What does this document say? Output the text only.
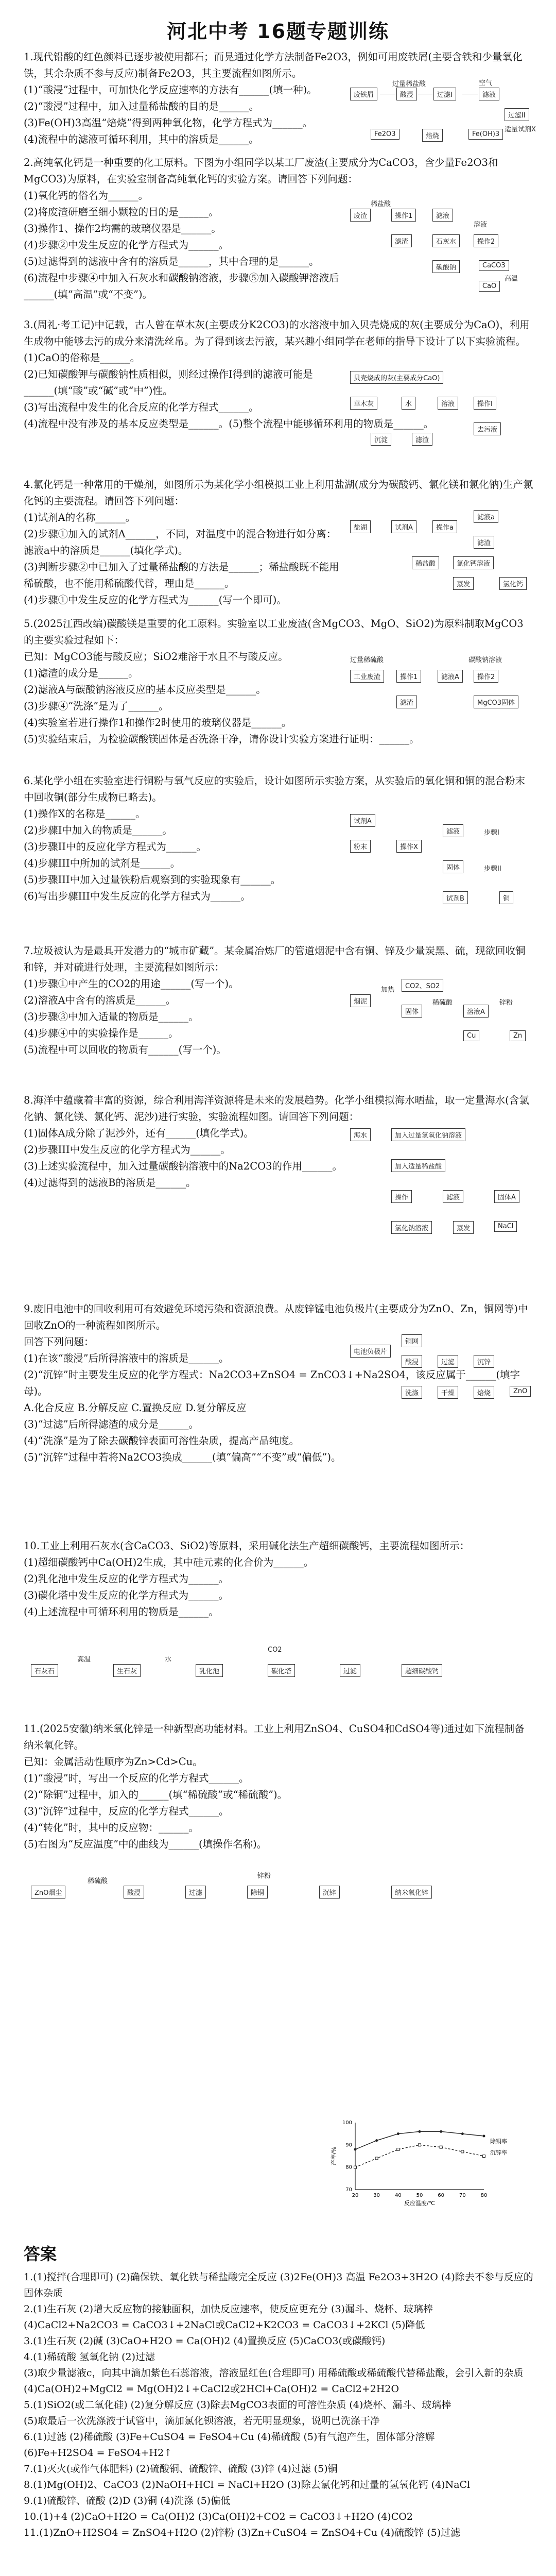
河北中考 16题专题训练

1.现代铅酸的红色颜料已逐步被使用都石；而晃通过化学方法制备Fe2O3，例如可用废铁屑(主要含铁和少量氧化铁，其余杂质不参与反应)制备Fe2O3，其主要流程如图所示。

(1)“酸浸”过程中，可加快化学反应速率的方法有______(填一种)。

(2)“酸浸”过程中，加入过量稀盐酸的目的是______。

(3)Fe(OH)3高温“焙烧”得到两种氧化物，化学方程式为______。

(4)流程中的滤液可循环利用，其中的溶质是______。

废铁屑	酸浸	过滤I	滤液
空气
过滤II
Fe(OH)3
焙烧
Fe2O3
过量稀盐酸
适量试剂X

2.高纯氧化钙是一种重要的化工原料。下图为小组同学以某工厂废渣(主要成分为CaCO3，含少量Fe2O3和MgCO3)为原料，在实验室制备高纯氧化钙的实验方案。请回答下列问题：

(1)氧化钙的俗名为______。

(2)将废渣研磨至细小颗粒的目的是______。

(3)操作1、操作2均需的玻璃仪器是______。

(4)步骤②中发生反应的化学方程式为______。

(5)过滤得到的滤液中含有的溶质是______，其中合理的是______。

(6)流程中步骤④中加入石灰水和碳酸钠溶液，步骤⑤加入碳酸钾溶液后______(填“高温”或“不变”)。

废渣	操作1	滤液
滤渣	石灰水	操作2
碳酸钠	CaCO3
CaO
稀盐酸
高温
溶液

3.(周礼·考工记)中记载，古人曾在草木灰(主要成分K2CO3)的水溶液中加入贝壳烧成的灰(主要成分为CaO)，利用生成物中能够去污的成分来清洗丝帛。为了得到该去污液，某兴趣小组同学在老师的指导下设计了以下实验流程。

(1)CaO的俗称是______。

(2)已知碳酸钾与碳酸钠性质相似，则经过操作I得到的滤液可能是______(填“酸”或“碱”或“中”)性。

(3)写出流程中发生的化合反应的化学方程式______。

(4)流程中没有涉及的基本反应类型是______。(5)整个流程中能够循环利用的物质是______。

贝壳烧成的灰(主要成分CaO)
草木灰	水	溶液	操作I
去污液
滤渣
沉淀

4.氯化钙是一种常用的干燥剂，如图所示为某化学小组模拟工业上利用盐湖(成分为碳酸钙、氯化镁和氯化钠)生产氯化钙的主要流程。请回答下列问题：

(1)试剂A的名称______。

(2)步骤①加入的试剂A______，不同，对温度中的混合物进行如分离：滤液a中的溶质是______(填化学式)。

(3)判断步骤②中已加入了过量稀盐酸的方法是______；稀盐酸既不能用稀硫酸，也不能用稀硫酸代替，理由是______。

(4)步骤①中发生反应的化学方程式为______(写一个即可)。

盐湖	试剂A	操作a
滤液a
滤渣
稀盐酸	氯化钙溶液
蒸发	氯化钙

5.(2025江西改编)碳酸镁是重要的化工原料。实验室以工业废渣(含MgCO3、MgO、SiO2)为原料制取MgCO3的主要实验过程如下：

已知：MgCO3能与酸反应；SiO2难溶于水且不与酸反应。

(1)滤渣的成分是______。

(2)滤液A与碳酸钠溶液反应的基本反应类型是______。

(3)步骤④“洗涤”是为了______。

(4)实验室若进行操作1和操作2时使用的玻璃仪器是______。

(5)实验结束后，为检验碳酸镁固体是否洗涤干净，请你设计实验方案进行证明：______。

工业废渣
过量稀硫酸
操作1	滤液A
滤渣
碳酸钠溶液
操作2
MgCO3固体

6.某化学小组在实验室进行铜粉与氧气反应的实验后，设计如图所示实验方案，从实验后的氧化铜和铜的混合粉末中回收铜(部分生成物已略去)。

(1)操作X的名称是______。

(2)步骤I中加入的物质是______。

(3)步骤II中的反应化学方程式为______。

(4)步骤III中所加的试剂是______。

(5)步骤III中加入过量铁粉后观察到的实验现象有______。

(6)写出步骤III中发生反应的化学方程式为______。

试剂A
粉末	操作X
滤液
固体
步骤I
步骤II
试剂B	铜

7.垃圾被认为是最具开发潜力的“城市矿藏”。某金属冶炼厂的管道烟泥中含有铜、锌及少量炭黑、硫，现欲回收铜和锌，并对硫进行处理，主要流程如图所示：

(1)步骤①中产生的CO2的用途______(写一个)。

(2)溶液A中含有的溶质是______。

(3)步骤③中加入适量的物质是______。

(4)步骤④中的实验操作是______。

(5)流程中可以回收的物质有______(写一个)。

烟泥
加热	CO2、SO2
固体
稀硫酸
溶液A
锌粉
Cu	Zn

8.海洋中蕴藏着丰富的资源，综合利用海洋资源将是未来的发展趋势。化学小组模拟海水晒盐，取一定量海水(含氯化钠、氯化镁、氯化钙、泥沙)进行实验，实验流程如图。请回答下列问题：

(1)固体A成分除了泥沙外，还有______(填化学式)。

(2)步骤III中发生反应的化学方程式为______。

(3)上述实验流程中，加入过量碳酸钠溶液中的Na2CO3的作用______。

(4)过滤得到的滤液B的溶质是______。

海水	加入过量氢氧化钠溶液
加入适量稀盐酸
操作	滤液	固体A
氯化钠溶液	蒸发	NaCl

9.废旧电池中的回收利用可有效避免环境污染和资源浪费。从废锌锰电池负极片(主要成分为ZnO、Zn，铜网等)中回收ZnO的一种流程如图所示。

回答下列问题：

(1)在该“酸浸”后所得溶液中的溶质是______。

(2)“沉锌”时主要发生反应的化学方程式：Na2CO3+ZnSO4 = ZnCO3↓+Na2SO4，该反应属于______(填字母)。

A.化合反应 B.分解反应 C.置换反应 D.复分解反应

(3)“过滤”后所得滤渣的成分是______。

(4)“洗涤”是为了除去碳酸锌表面可溶性杂质，提高产品纯度。

(5)“沉锌”过程中若将Na2CO3换成______(填“偏高”“不变”或“偏低”)。

电池负极片
铜网
酸浸	过滤	沉锌
洗涤	干燥	焙烧	ZnO

10.工业上利用石灰水(含CaCO3、SiO2)等原料，采用碱化法生产超细碳酸钙，主要流程如图所示：

(1)超细碳酸钙中Ca(OH)2生成，其中硅元素的化合价为______。

(2)乳化池中发生反应的化学方程式为______。

(3)碳化塔中发生反应的化学方程式为______。

(4)上述流程中可循环利用的物质是______。

石灰石
高温
生石灰
水
乳化池	碳化塔
CO2
过滤	超细碳酸钙

11.(2025安徽)纳米氧化锌是一种新型高功能材料。工业上利用ZnSO4、CuSO4和CdSO4等)通过如下流程制备纳米氧化锌。

已知：金属活动性顺序为Zn>Cd>Cu。

(1)“酸浸”时，写出一个反应的化学方程式______。

(2)“除铜”过程中，加入的______(填“稀硫酸”或“稀硫酸”)。

(3)“沉锌”过程中，反应的化学方程式______。

(4)“转化”时，其中的反应物：______。

(5)右图为“反应温度”中的曲线为______(填操作名称)。

ZnO烟尘
稀硫酸
酸浸	过滤	除铜
锌粉
沉锌	纳米氧化锌
20	30	40	50	60	70	80
70
80
90
100
反应温度/℃
产率/%
除铜率
沉锌率
答案

1.(1)搅拌(合理即可) (2)确保铁、氧化铁与稀盐酸完全反应 (3)2Fe(OH)3 高温 Fe2O3+3H2O (4)除去不参与反应的固体杂质

2.(1)生石灰 (2)增大反应物的接触面积，加快反应速率，使反应更充分 (3)漏斗、烧杯、玻璃棒

(4)CaCl2+Na2CO3 = CaCO3↓+2NaCl或CaCl2+K2CO3 = CaCO3↓+2KCl (5)降低

3.(1)生石灰 (2)碱 (3)CaO+H2O = Ca(OH)2 (4)置换反应 (5)CaCO3(或碳酸钙)

4.(1)稀硫酸 氢氧化钠 (2)过滤

(3)取少量滤液c，向其中滴加紫色石蕊溶液，溶液显红色(合理即可) 用稀硫酸或稀硫酸代替稀盐酸，会引入新的杂质

(4)Ca(OH)2+MgCl2 = Mg(OH)2↓+CaCl2或2HCl+Ca(OH)2 = CaCl2+2H2O

5.(1)SiO2(或二氧化硅) (2)复分解反应 (3)除去MgCO3表面的可溶性杂质 (4)烧杯、漏斗、玻璃棒

(5)取最后一次洗涤液于试管中，滴加氯化钡溶液，若无明显现象，说明已洗涤干净

6.(1)过滤 (2)稀硫酸 (3)Fe+CuSO4 = FeSO4+Cu (4)稀硫酸 (5)有气泡产生，固体部分溶解

(6)Fe+H2SO4 = FeSO4+H2↑

7.(1)灭火(或作气体肥料) (2)硫酸铜、硫酸锌、硫酸 (3)锌 (4)过滤 (5)铜

8.(1)Mg(OH)2、CaCO3 (2)NaOH+HCl = NaCl+H2O (3)除去氯化钙和过量的氢氧化钙 (4)NaCl

9.(1)硫酸锌、硫酸 (2)D (3)铜 (4)洗涤 (5)偏低

10.(1)+4 (2)CaO+H2O = Ca(OH)2 (3)Ca(OH)2+CO2 = CaCO3↓+H2O (4)CO2

11.(1)ZnO+H2SO4 = ZnSO4+H2O (2)锌粉 (3)Zn+CuSO4 = ZnSO4+Cu (4)硫酸锌 (5)过滤
